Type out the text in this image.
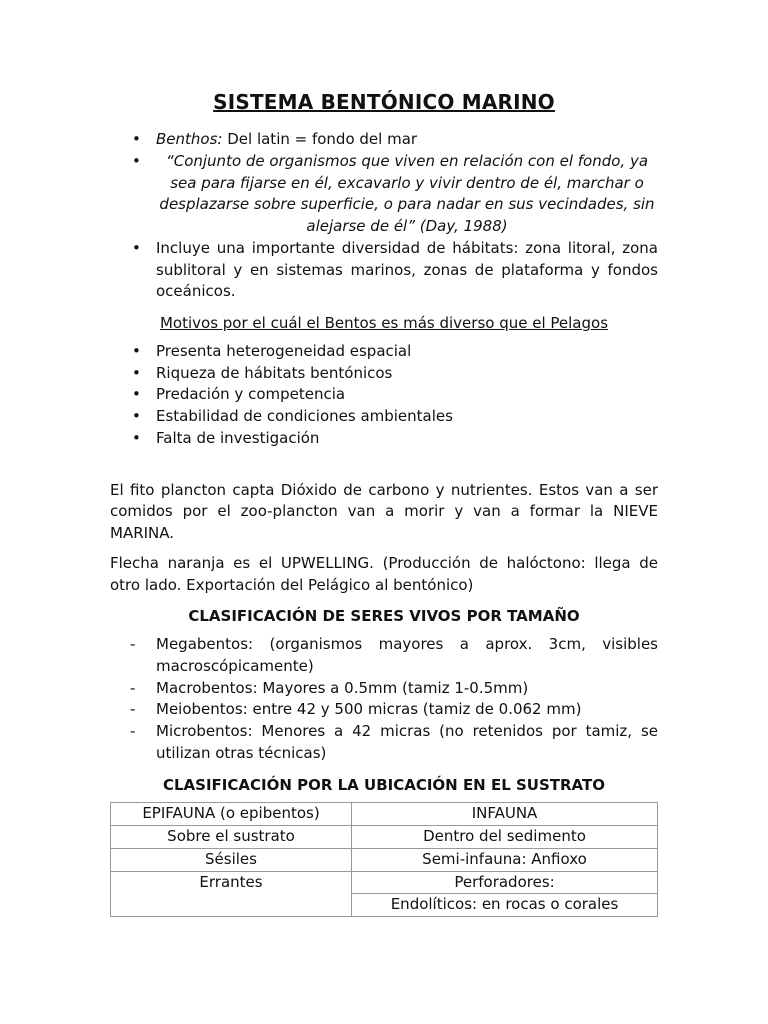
SISTEMA BENTÓNICO MARINO
• Benthos: Del latin = fondo del mar
• “Conjunto de organismos que viven en relación con el fondo, ya sea para fijarse en él, excavarlo y vivir dentro de él, marchar o desplazarse sobre superficie, o para nadar en sus vecindades, sin alejarse de él” (Day, 1988)
• Incluye una importante diversidad de hábitats: zona litoral, zona sublitoral y en sistemas marinos, zonas de plataforma y fondos oceánicos.
Motivos por el cuál el Bentos es más diverso que el Pelagos
• Presenta heterogeneidad espacial
• Riqueza de hábitats bentónicos
• Predación y competencia
• Estabilidad de condiciones ambientales
• Falta de investigación

El fito plancton capta Dióxido de carbono y nutrientes. Estos van a ser comidos por el zoo-plancton van a morir y van a formar la NIEVE MARINA.

Flecha naranja es el UPWELLING. (Producción de halóctono: llega de otro lado. Exportación del Pelágico al bentónico)

CLASIFICACIÓN DE SERES VIVOS POR TAMAÑO
- Megabentos: (organismos mayores a aprox. 3cm, visibles macroscópicamente)
- Macrobentos: Mayores a 0.5mm (tamiz 1-0.5mm)
- Meiobentos: entre 42 y 500 micras (tamiz de 0.062 mm)
- Microbentos: Menores a 42 micras (no retenidos por tamiz, se utilizan otras técnicas)
CLASIFICACIÓN POR LA UBICACIÓN EN EL SUSTRATO
EPIFAUNA (o epibentos)	INFAUNA
Sobre el sustrato	Dentro del sedimento
Sésiles	Semi-infauna: Anfioxo
Errantes	Perforadores:
	Endolíticos: en rocas o corales
